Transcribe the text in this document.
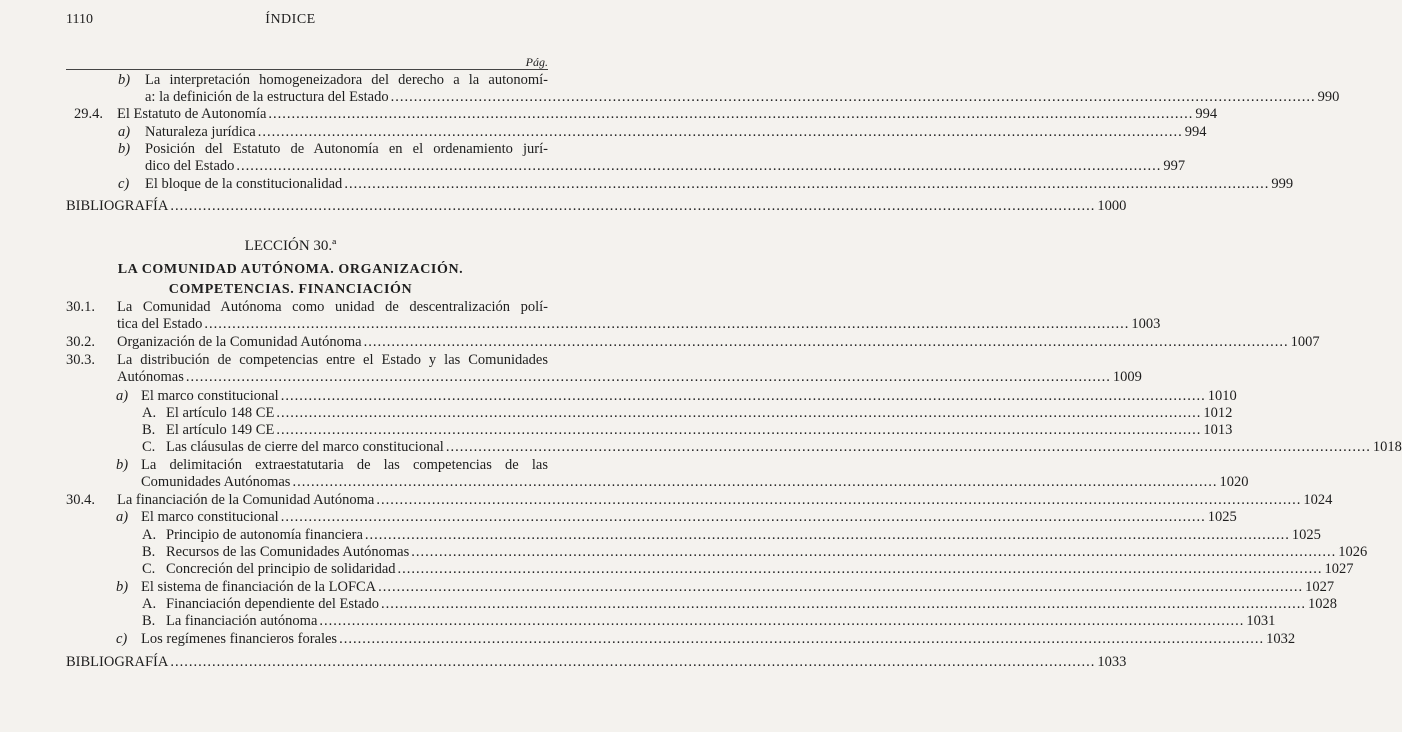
1110	ÍNDICE
Pág.
b) La interpretación homogeneizadora del derecho a la autonomí-
a: la definición de la estructura del Estado ........................................................................................................................................................................................................ 990
29.4. El Estatuto de Autonomía ........................................................................................................................................................................................................ 994
a) Naturaleza jurídica ........................................................................................................................................................................................................ 994
b) Posición del Estatuto de Autonomía en el ordenamiento jurí-
dico del Estado ........................................................................................................................................................................................................ 997
c) El bloque de la constitucionalidad ........................................................................................................................................................................................................ 999
BIBLIOGRAFÍA ........................................................................................................................................................................................................ 1000
30.1. La Comunidad Autónoma como unidad de descentralización polí-
tica del Estado ........................................................................................................................................................................................................ 1003
30.2. Organización de la Comunidad Autónoma ........................................................................................................................................................................................................ 1007
30.3. La distribución de competencias entre el Estado y las Comunidades
Autónomas ........................................................................................................................................................................................................ 1009
a) El marco constitucional ........................................................................................................................................................................................................ 1010
A. El artículo 148 CE ........................................................................................................................................................................................................ 1012
B. El artículo 149 CE ........................................................................................................................................................................................................ 1013
C. Las cláusulas de cierre del marco constitucional ........................................................................................................................................................................................................ 1018
b) La delimitación extraestatutaria de las competencias de las
Comunidades Autónomas ........................................................................................................................................................................................................ 1020
30.4. La financiación de la Comunidad Autónoma ........................................................................................................................................................................................................ 1024
a) El marco constitucional ........................................................................................................................................................................................................ 1025
A. Principio de autonomía financiera ........................................................................................................................................................................................................ 1025
B. Recursos de las Comunidades Autónomas ........................................................................................................................................................................................................ 1026
C. Concreción del principio de solidaridad ........................................................................................................................................................................................................ 1027
b) El sistema de financiación de la LOFCA ........................................................................................................................................................................................................ 1027
A. Financiación dependiente del Estado ........................................................................................................................................................................................................ 1028
B. La financiación autónoma ........................................................................................................................................................................................................ 1031
c) Los regímenes financieros forales ........................................................................................................................................................................................................ 1032
BIBLIOGRAFÍA ........................................................................................................................................................................................................ 1033
LECCIÓN 30.ª
LA COMUNIDAD AUTÓNOMA. ORGANIZACIÓN.
COMPETENCIAS. FINANCIACIÓN
